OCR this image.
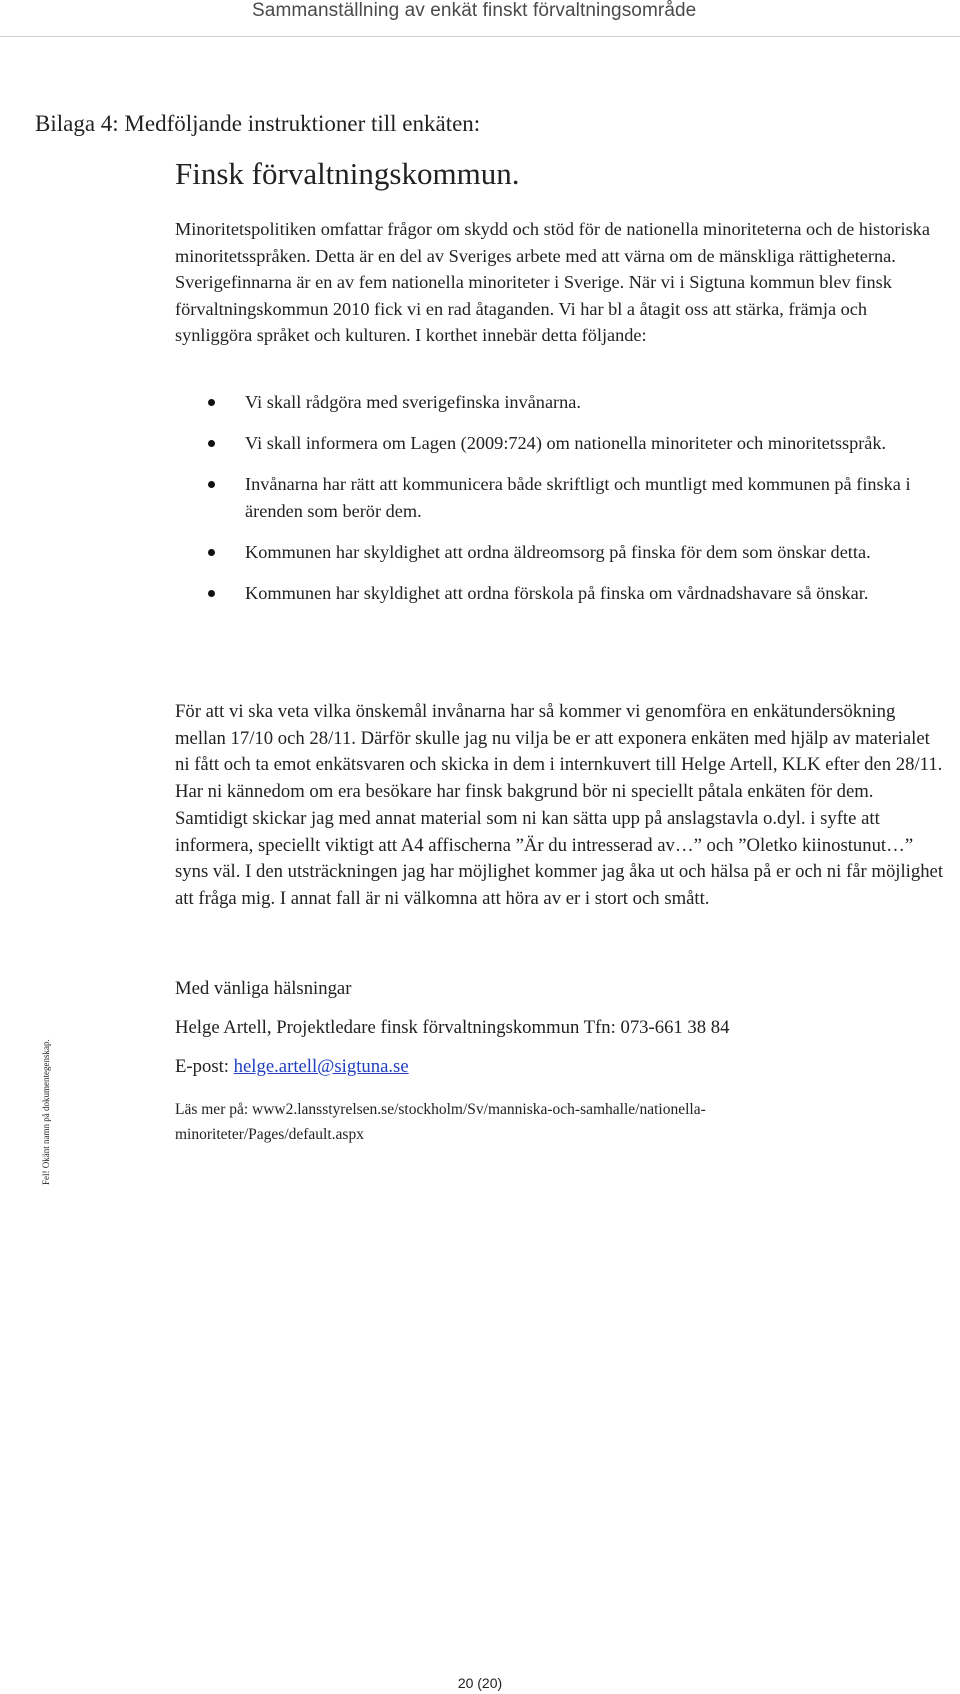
Sammanställning av enkät finskt förvaltningsområde
Bilaga 4: Medföljande instruktioner till enkäten:
Finsk förvaltningskommun.

Minoritetspolitiken omfattar frågor om skydd och stöd för de nationella minoriteterna och de historiska minoritetsspråken. Detta är en del av Sveriges arbete med att värna om de mänskliga rättigheterna. Sverigefinnarna är en av fem nationella minoriteter i Sverige. När vi i Sigtuna kommun blev finsk förvaltningskommun 2010 fick vi en rad åtaganden. Vi har bl a åtagit oss att stärka, främja och synliggöra språket och kulturen. I korthet innebär detta följande:

Vi skall rådgöra med sverigefinska invånarna.
Vi skall informera om Lagen (2009:724) om nationella minoriteter och minoritetsspråk.
Invånarna har rätt att kommunicera både skriftligt och muntligt med kommunen på finska i ärenden som berör dem.
Kommunen har skyldighet att ordna äldreomsorg på finska för dem som önskar detta.
Kommunen har skyldighet att ordna förskola på finska om vårdnadshavare så önskar.

För att vi ska veta vilka önskemål invånarna har så kommer vi genomföra en enkätundersökning mellan 17/10 och 28/11. Därför skulle jag nu vilja be er att exponera enkäten med hjälp av materialet ni fått och ta emot enkätsvaren och skicka in dem i internkuvert till Helge Artell, KLK efter den 28/11. Har ni kännedom om era besökare har finsk bakgrund bör ni speciellt påtala enkäten för dem. Samtidigt skickar jag med annat material som ni kan sätta upp på anslagstavla o.dyl. i syfte att informera, speciellt viktigt att A4 affischerna ”Är du intresserad av…” och ”Oletko kiinostunut…” syns väl. I den utsträckningen jag har möjlighet kommer jag åka ut och hälsa på er och ni får möjlighet att fråga mig. I annat fall är ni välkomna att höra av er i stort och smått.

Med vänliga hälsningar

Helge Artell, Projektledare finsk förvaltningskommun Tfn: 073-661 38 84

E-post: helge.artell@sigtuna.se

Läs mer på: www2.lansstyrelsen.se/stockholm/Sv/manniska-och-samhalle/nationella-minoriteter/Pages/default.aspx

Fel! Okänt namn på dokumentegenskap.
20 (20)
